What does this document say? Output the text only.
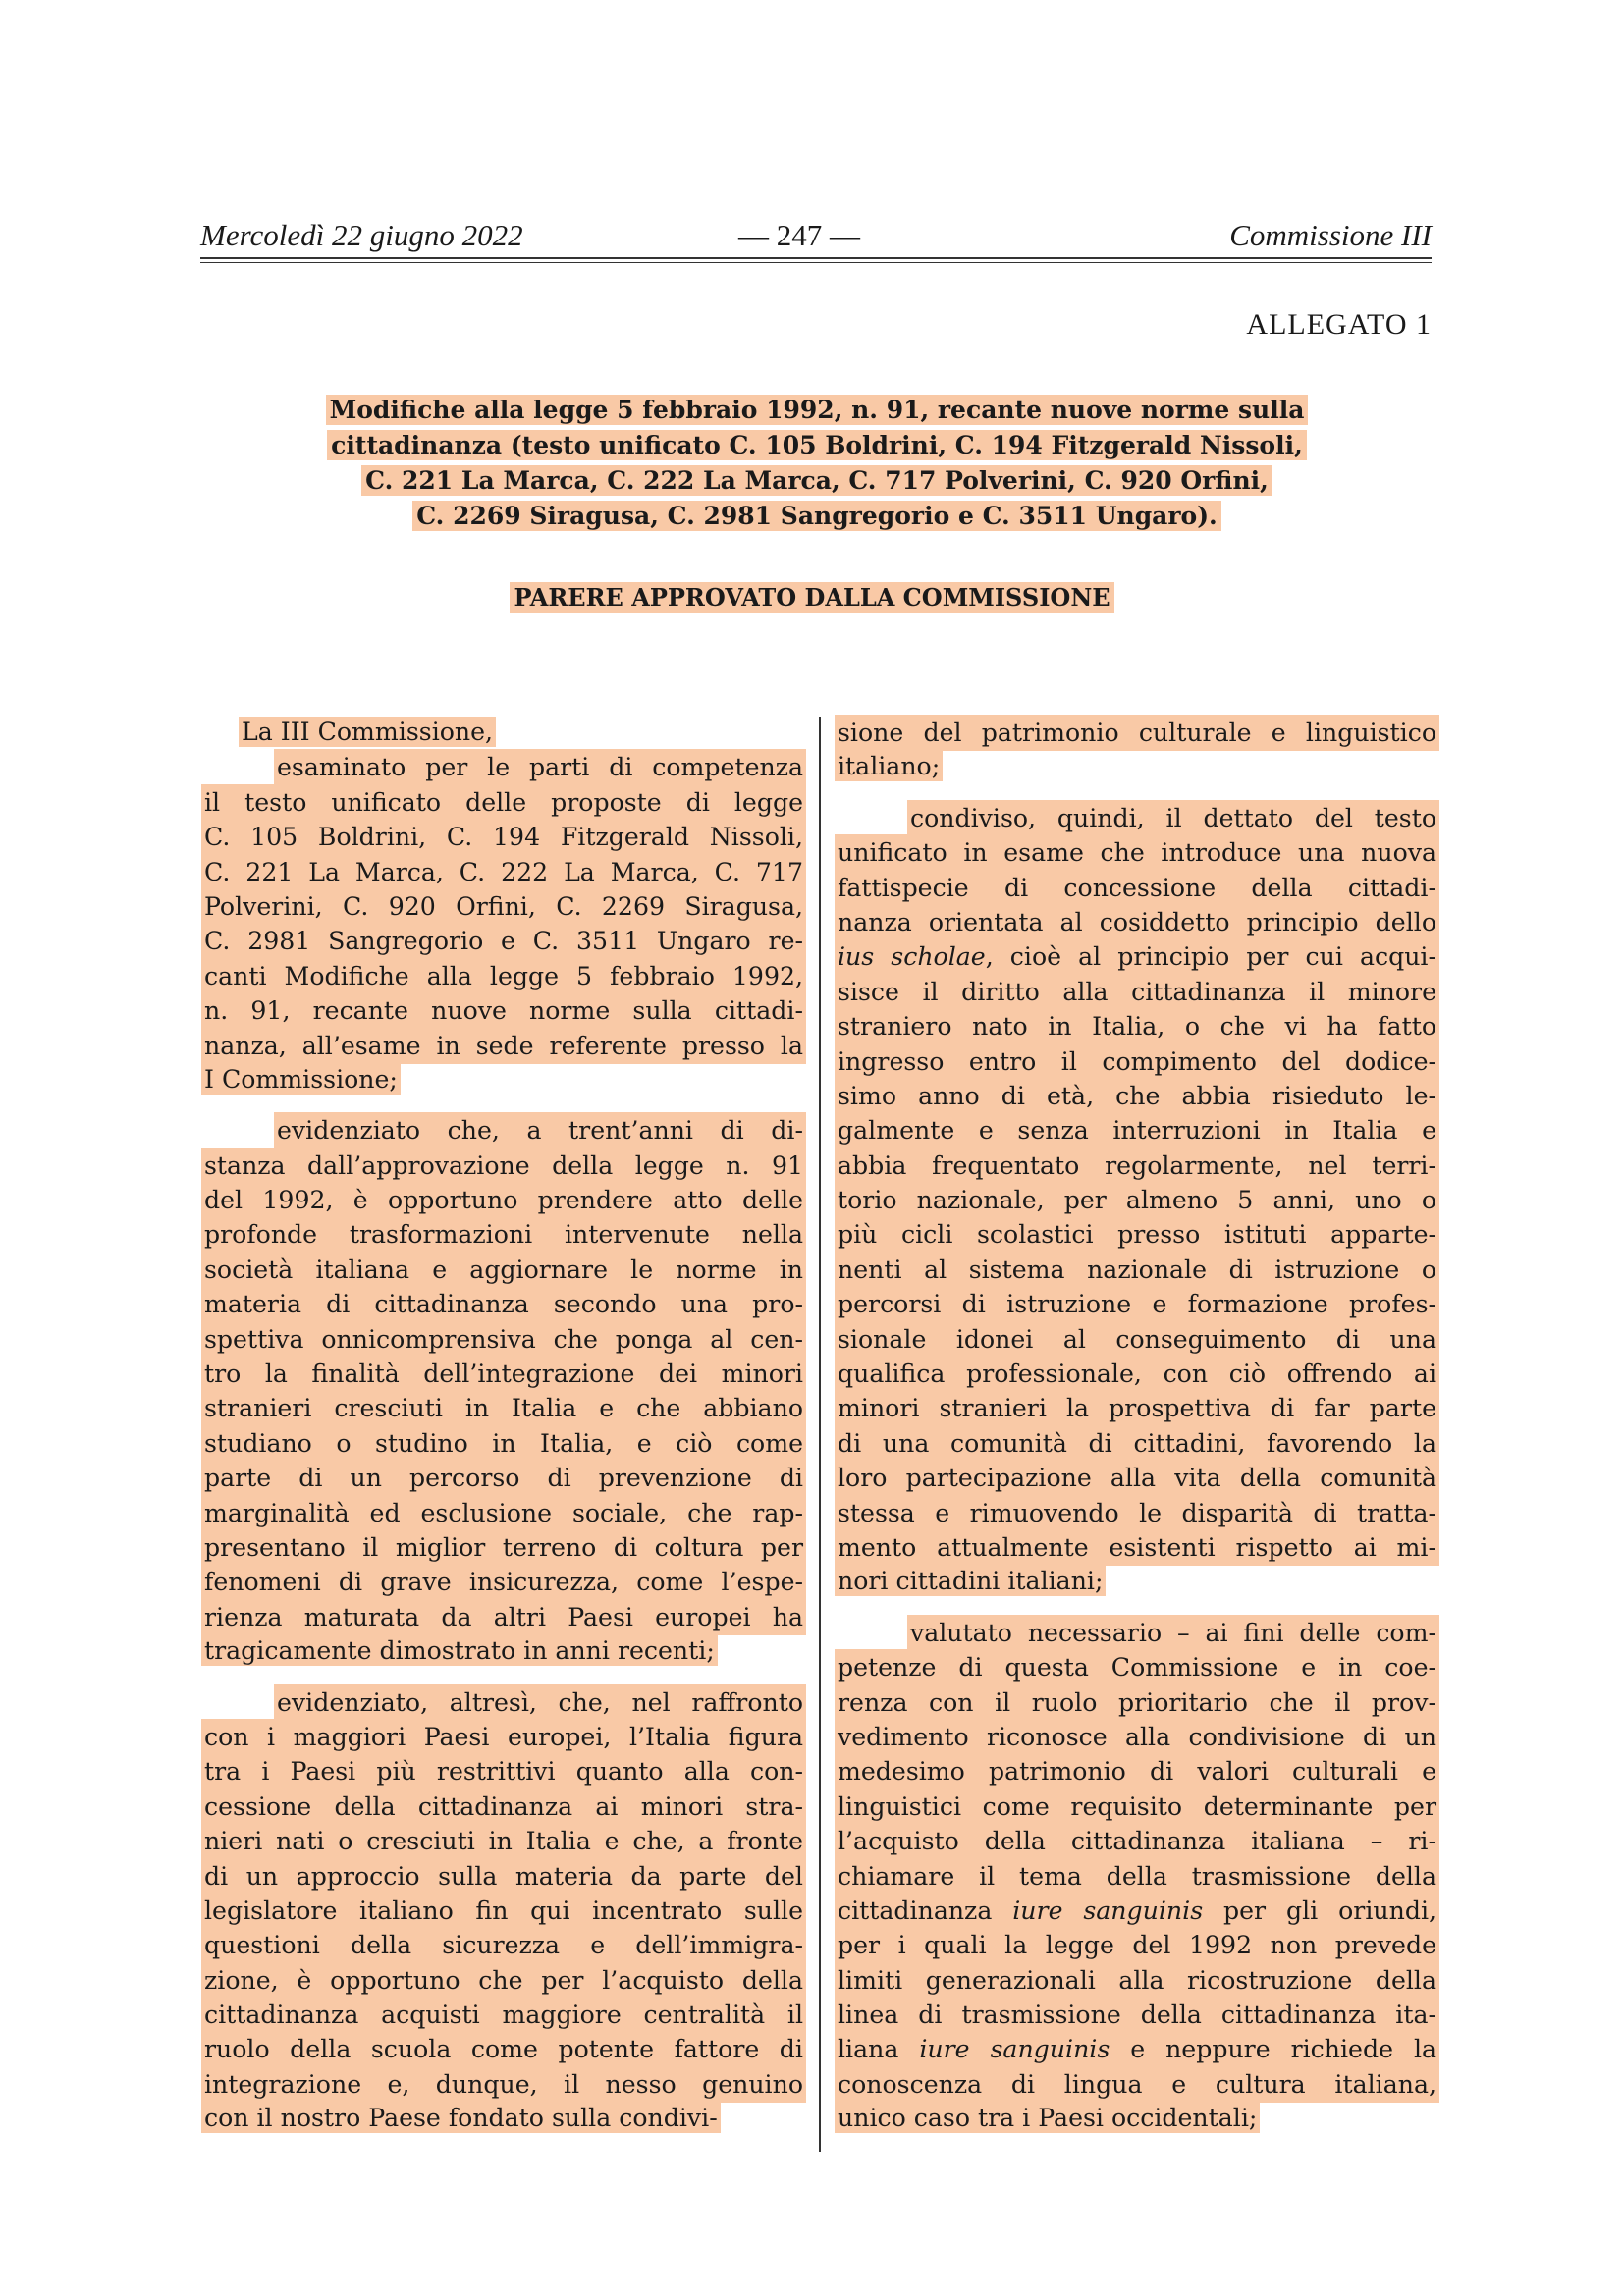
Mercoledì 22 giugno 2022	— 247 —	Commissione III
ALLEGATO 1
Modifiche alla legge 5 febbraio 1992, n. 91, recante nuove norme sulla
cittadinanza (testo unificato C. 105 Boldrini, C. 194 Fitzgerald Nissoli,
C. 221 La Marca, C. 222 La Marca, C. 717 Polverini, C. 920 Orfini,
C. 2269 Siragusa, C. 2981 Sangregorio e C. 3511 Ungaro).
PARERE APPROVATO DALLA COMMISSIONE
La III Commissione,
esaminato per le parti di competenza
il testo unificato delle proposte di legge
C. 105 Boldrini, C. 194 Fitzgerald Nissoli,
C. 221 La Marca, C. 222 La Marca, C. 717
Polverini, C. 920 Orfini, C. 2269 Siragusa,
C. 2981 Sangregorio e C. 3511 Ungaro re-
canti Modifiche alla legge 5 febbraio 1992,
n. 91, recante nuove norme sulla cittadi-
nanza, all’esame in sede referente presso la
I Commissione;
evidenziato che, a trent’anni di di-
stanza dall’approvazione della legge n. 91
del 1992, è opportuno prendere atto delle
profonde trasformazioni intervenute nella
società italiana e aggiornare le norme in
materia di cittadinanza secondo una pro-
spettiva onnicomprensiva che ponga al cen-
tro la finalità dell’integrazione dei minori
stranieri cresciuti in Italia e che abbiano
studiano o studino in Italia, e ciò come
parte di un percorso di prevenzione di
marginalità ed esclusione sociale, che rap-
presentano il miglior terreno di coltura per
fenomeni di grave insicurezza, come l’espe-
rienza maturata da altri Paesi europei ha
tragicamente dimostrato in anni recenti;
evidenziato, altresì, che, nel raffronto
con i maggiori Paesi europei, l’Italia figura
tra i Paesi più restrittivi quanto alla con-
cessione della cittadinanza ai minori stra-
nieri nati o cresciuti in Italia e che, a fronte
di un approccio sulla materia da parte del
legislatore italiano fin qui incentrato sulle
questioni della sicurezza e dell’immigra-
zione, è opportuno che per l’acquisto della
cittadinanza acquisti maggiore centralità il
ruolo della scuola come potente fattore di
integrazione e, dunque, il nesso genuino
con il nostro Paese fondato sulla condivi-
sione del patrimonio culturale e linguistico
italiano;
condiviso, quindi, il dettato del testo
unificato in esame che introduce una nuova
fattispecie di concessione della cittadi-
nanza orientata al cosiddetto principio dello
ius scholae, cioè al principio per cui acqui-
sisce il diritto alla cittadinanza il minore
straniero nato in Italia, o che vi ha fatto
ingresso entro il compimento del dodice-
simo anno di età, che abbia risieduto le-
galmente e senza interruzioni in Italia e
abbia frequentato regolarmente, nel terri-
torio nazionale, per almeno 5 anni, uno o
più cicli scolastici presso istituti apparte-
nenti al sistema nazionale di istruzione o
percorsi di istruzione e formazione profes-
sionale idonei al conseguimento di una
qualifica professionale, con ciò offrendo ai
minori stranieri la prospettiva di far parte
di una comunità di cittadini, favorendo la
loro partecipazione alla vita della comunità
stessa e rimuovendo le disparità di tratta-
mento attualmente esistenti rispetto ai mi-
nori cittadini italiani;
valutato necessario – ai fini delle com-
petenze di questa Commissione e in coe-
renza con il ruolo prioritario che il prov-
vedimento riconosce alla condivisione di un
medesimo patrimonio di valori culturali e
linguistici come requisito determinante per
l’acquisto della cittadinanza italiana – ri-
chiamare il tema della trasmissione della
cittadinanza iure sanguinis per gli oriundi,
per i quali la legge del 1992 non prevede
limiti generazionali alla ricostruzione della
linea di trasmissione della cittadinanza ita-
liana iure sanguinis e neppure richiede la
conoscenza di lingua e cultura italiana,
unico caso tra i Paesi occidentali;
